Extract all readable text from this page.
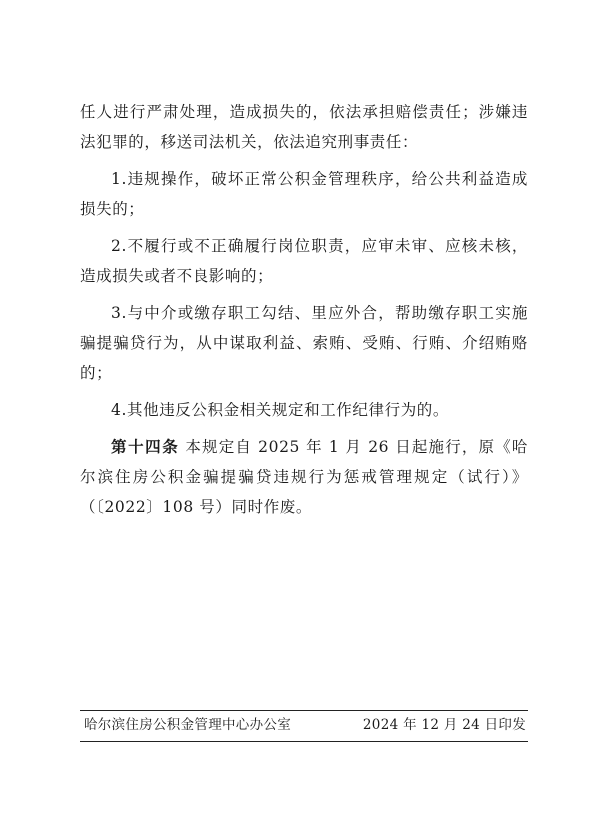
任人进行严肃处理，造成损失的，依法承担赔偿责任；涉嫌违法犯罪的，移送司法机关，依法追究刑事责任：

1.违规操作，破坏正常公积金管理秩序，给公共利益造成损失的；

2.不履行或不正确履行岗位职责，应审未审、应核未核，造成损失或者不良影响的；

3.与中介或缴存职工勾结、里应外合，帮助缴存职工实施骗提骗贷行为，从中谋取利益、索贿、受贿、行贿、介绍贿赂的；

4.其他违反公积金相关规定和工作纪律行为的。

第十四条 本规定自 2025 年 1 月 26 日起施行，原《哈尔滨住房公积金骗提骗贷违规行为惩戒管理规定（试行）》（〔2022〕108 号）同时作废。

哈尔滨住房公积金管理中心办公室	2024 年 12 月 24 日印发
